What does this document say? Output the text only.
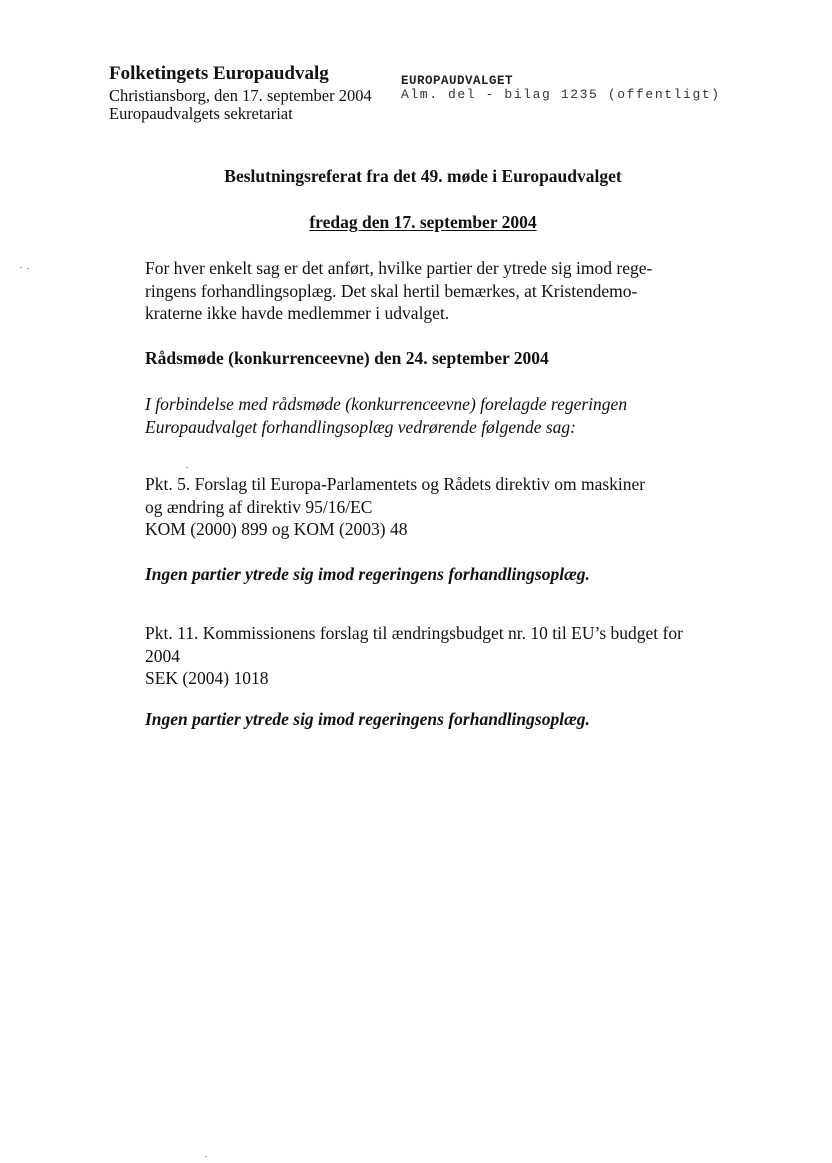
Folketingets Europaudvalg
Christiansborg, den 17. september 2004
Europaudvalgets sekretariat
EUROPAUDVALGET
Alm. del - bilag 1235 (offentligt)
Beslutningsreferat fra det 49. møde i Europaudvalget
fredag den 17. september 2004
For hver enkelt sag er det anført, hvilke partier der ytrede sig imod rege-
ringens forhandlingsoplæg. Det skal hertil bemærkes, at Kristendemo-
kraterne ikke havde medlemmer i udvalget.
Rådsmøde (konkurrenceevne) den 24. september 2004
I forbindelse med rådsmøde (konkurrenceevne) forelagde regeringen
Europaudvalget forhandlingsoplæg vedrørende følgende sag:
Pkt. 5. Forslag til Europa-Parlamentets og Rådets direktiv om maskiner
og ændring af direktiv 95/16/EC
KOM (2000) 899 og KOM (2003) 48
Ingen partier ytrede sig imod regeringens forhandlingsoplæg.
Pkt. 11. Kommissionens forslag til ændringsbudget nr. 10 til EU’s budget for
2004
SEK (2004) 1018
Ingen partier ytrede sig imod regeringens forhandlingsoplæg.
